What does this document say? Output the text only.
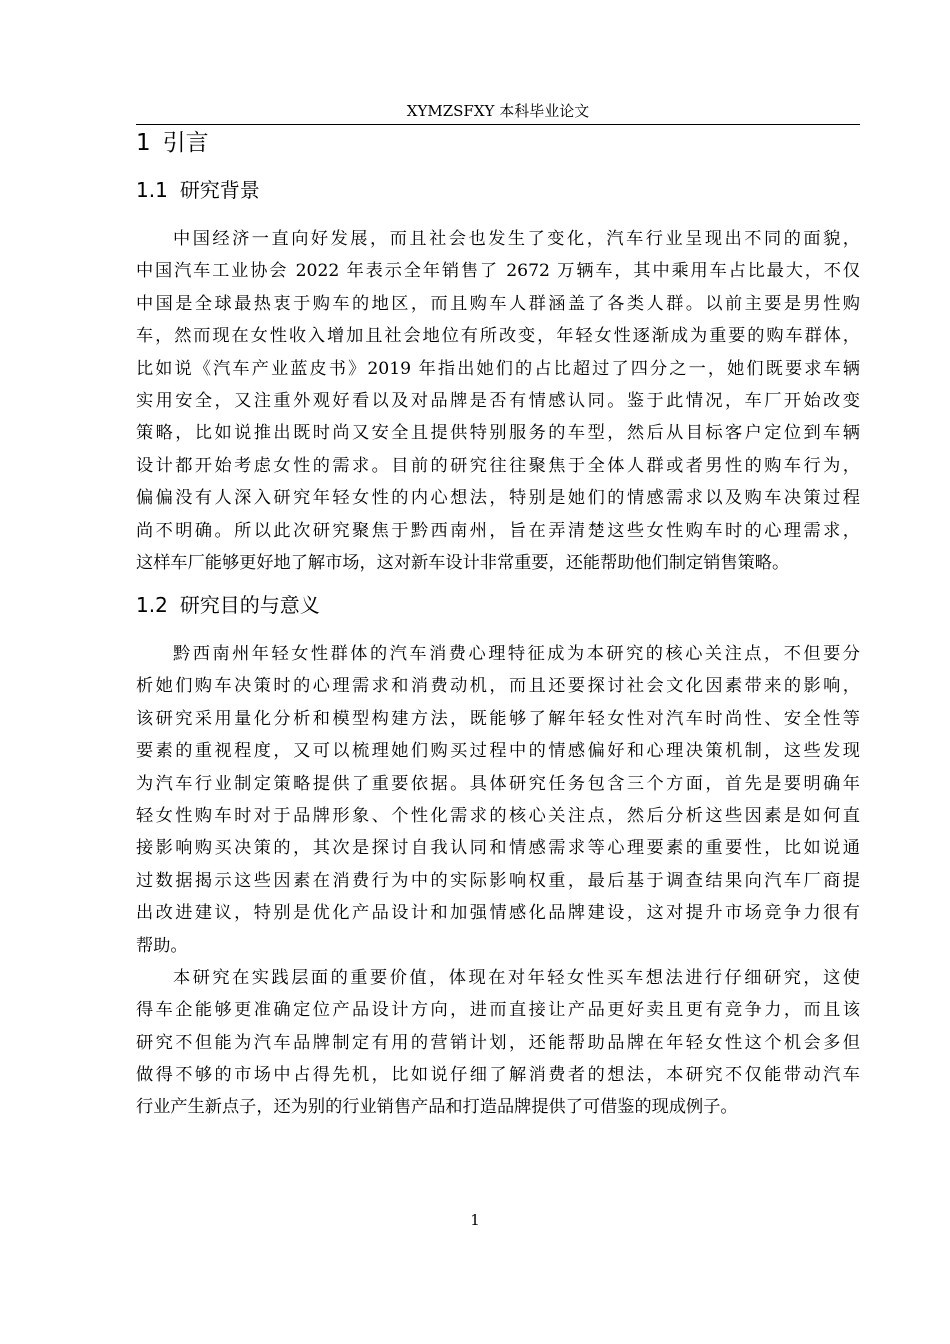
XYMZSFXY 本科毕业论文
1 引言
1.1 研究背景
中国经济一直向好发展，而且社会也发生了变化，汽车行业呈现出不同的面貌，
中国汽车工业协会 2022 年表示全年销售了 2672 万辆车，其中乘用车占比最大，不仅
中国是全球最热衷于购车的地区，而且购车人群涵盖了各类人群。以前主要是男性购
车，然而现在女性收入增加且社会地位有所改变，年轻女性逐渐成为重要的购车群体，
比如说《汽车产业蓝皮书》2019 年指出她们的占比超过了四分之一，她们既要求车辆
实用安全，又注重外观好看以及对品牌是否有情感认同。鉴于此情况，车厂开始改变
策略，比如说推出既时尚又安全且提供特别服务的车型，然后从目标客户定位到车辆
设计都开始考虑女性的需求。目前的研究往往聚焦于全体人群或者男性的购车行为，
偏偏没有人深入研究年轻女性的内心想法，特别是她们的情感需求以及购车决策过程
尚不明确。所以此次研究聚焦于黔西南州，旨在弄清楚这些女性购车时的心理需求，
这样车厂能够更好地了解市场，这对新车设计非常重要，还能帮助他们制定销售策略。
1.2 研究目的与意义
黔西南州年轻女性群体的汽车消费心理特征成为本研究的核心关注点，不但要分
析她们购车决策时的心理需求和消费动机，而且还要探讨社会文化因素带来的影响，
该研究采用量化分析和模型构建方法，既能够了解年轻女性对汽车时尚性、安全性等
要素的重视程度，又可以梳理她们购买过程中的情感偏好和心理决策机制，这些发现
为汽车行业制定策略提供了重要依据。具体研究任务包含三个方面，首先是要明确年
轻女性购车时对于品牌形象、个性化需求的核心关注点，然后分析这些因素是如何直
接影响购买决策的，其次是探讨自我认同和情感需求等心理要素的重要性，比如说通
过数据揭示这些因素在消费行为中的实际影响权重，最后基于调查结果向汽车厂商提
出改进建议，特别是优化产品设计和加强情感化品牌建设，这对提升市场竞争力很有
帮助。
本研究在实践层面的重要价值，体现在对年轻女性买车想法进行仔细研究，这使
得车企能够更准确定位产品设计方向，进而直接让产品更好卖且更有竞争力，而且该
研究不但能为汽车品牌制定有用的营销计划，还能帮助品牌在年轻女性这个机会多但
做得不够的市场中占得先机，比如说仔细了解消费者的想法，本研究不仅能带动汽车
行业产生新点子，还为别的行业销售产品和打造品牌提供了可借鉴的现成例子。
1
